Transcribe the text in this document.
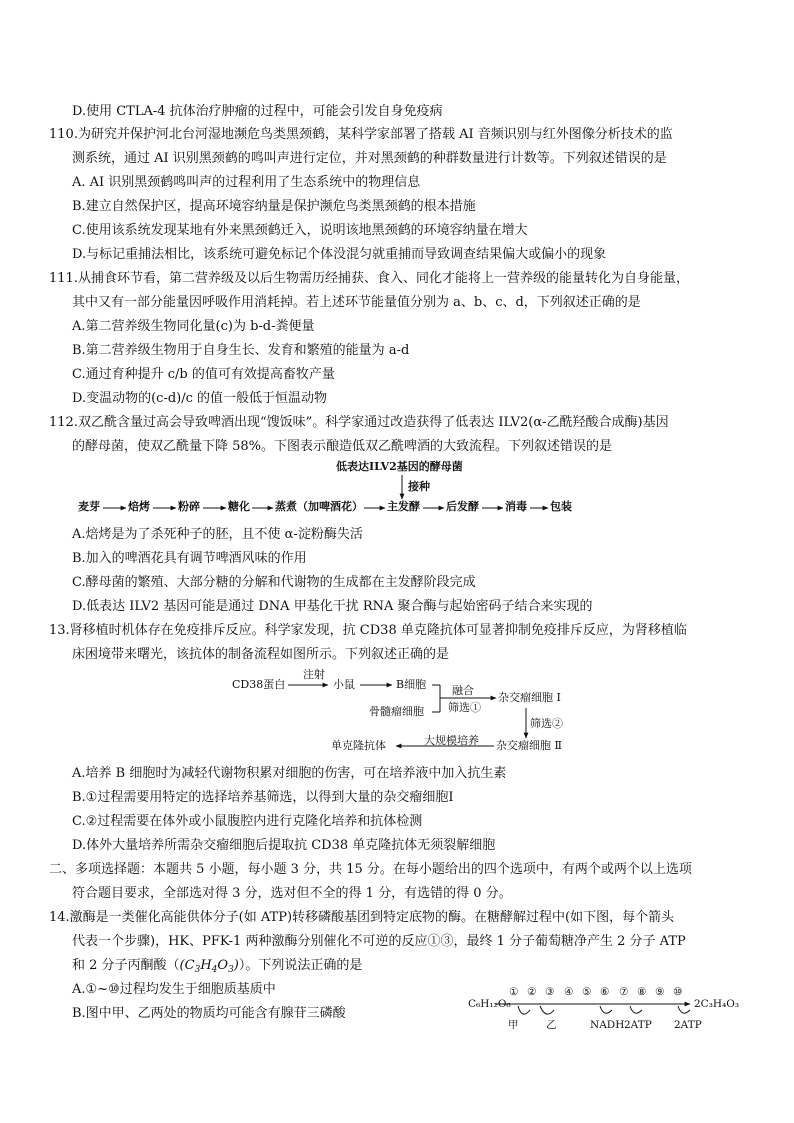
D.使用 CTLA-4 抗体治疗肿瘤的过程中，可能会引发自身免疫病
110.为研究并保护河北台河湿地濒危鸟类黑颈鹤，某科学家部署了搭载 AI 音频识别与红外图像分析技术的监
测系统，通过 AI 识别黑颈鹤的鸣叫声进行定位，并对黑颈鹤的种群数量进行计数等。下列叙述错误的是
A. AI 识别黑颈鹤鸣叫声的过程利用了生态系统中的物理信息
B.建立自然保护区，提高环境容纳量是保护濒危鸟类黑颈鹤的根本措施
C.使用该系统发现某地有外来黑颈鹤迁入，说明该地黑颈鹤的环境容纳量在增大
D.与标记重捕法相比，该系统可避免标记个体没混匀就重捕而导致调查结果偏大或偏小的现象
111.从捕食环节看，第二营养级及以后生物需历经捕获、食入、同化才能将上一营养级的能量转化为自身能量，
其中又有一部分能量因呼吸作用消耗掉。若上述环节能量值分别为 a、b、c、d，下列叙述正确的是
A.第二营养级生物同化量(c)为 b-d-粪便量
B.第二营养级生物用于自身生长、发育和繁殖的能量为 a-d
C.通过育种提升 c/b 的值可有效提高畜牧产量
D.变温动物的(c-d)/c 的值一般低于恒温动物
112.双乙酰含量过高会导致啤酒出现“馊饭味”。科学家通过改造获得了低表达 ILV2(α-乙酰羟酸合成酶)基因
的酵母菌，使双乙酰量下降 58%。下图表示酿造低双乙酰啤酒的大致流程。下列叙述错误的是
低表达ILV2基因的酵母菌
接种
麦芽	焙烤	粉碎	糖化 蒸煮（加啤酒花） 主发酵 后发酵 消毒 包装
A.焙烤是为了杀死种子的胚，且不使 α-淀粉酶失活
B.加入的啤酒花具有调节啤酒风味的作用
C.酵母菌的繁殖、大部分糖的分解和代谢物的生成都在主发酵阶段完成
D.低表达 ILV2 基因可能是通过 DNA 甲基化干扰 RNA 聚合酶与起始密码子结合来实现的
13.肾移植时机体存在免疫排斥反应。科学家发现，抗 CD38 单克隆抗体可显著抑制免疫排斥反应，为肾移植临
床困境带来曙光，该抗体的制备流程如图所示。下列叙述正确的是
CD38蛋白
注射
小鼠	B细胞
骨髓瘤细胞
融合
筛选①
杂交瘤细胞 Ⅰ
筛选②
杂交瘤细胞 Ⅱ
大规模培养
单克隆抗体
A.培养 B 细胞时为减轻代谢物积累对细胞的伤害，可在培养液中加入抗生素
B.①过程需要用特定的选择培养基筛选，以得到大量的杂交瘤细胞Ⅰ
C.②过程需要在体外或小鼠腹腔内进行克隆化培养和抗体检测
D.体外大量培养所需杂交瘤细胞后提取抗 CD38 单克隆抗体无须裂解细胞
二、多项选择题：本题共 5 小题，每小题 3 分，共 15 分。在每小题给出的四个选项中，有两个或两个以上选项
符合题目要求，全部选对得 3 分，选对但不全的得 1 分，有选错的得 0 分。
14.激酶是一类催化高能供体分子(如 ATP)转移磷酸基团到特定底物的酶。在糖酵解过程中(如下图，每个箭头
代表一个步骤)，HK、PFK-1 两种激酶分别催化不可逆的反应①③，最终 1 分子葡萄糖净产生 2 分子 ATP
和 2 分子丙酮酸$((C_3H_4O_3))$。下列说法正确的是
A.①~⑩过程均发生于细胞质基质中
B.图中甲、乙两处的物质均可能含有腺苷三磷酸
C₆H₁₂O₆
① ② ③ ④ ⑤ ⑥ ⑦ ⑧ ⑨ ⑩
2C₃H₄O₃
甲	乙	NADH 2ATP 2ATP
